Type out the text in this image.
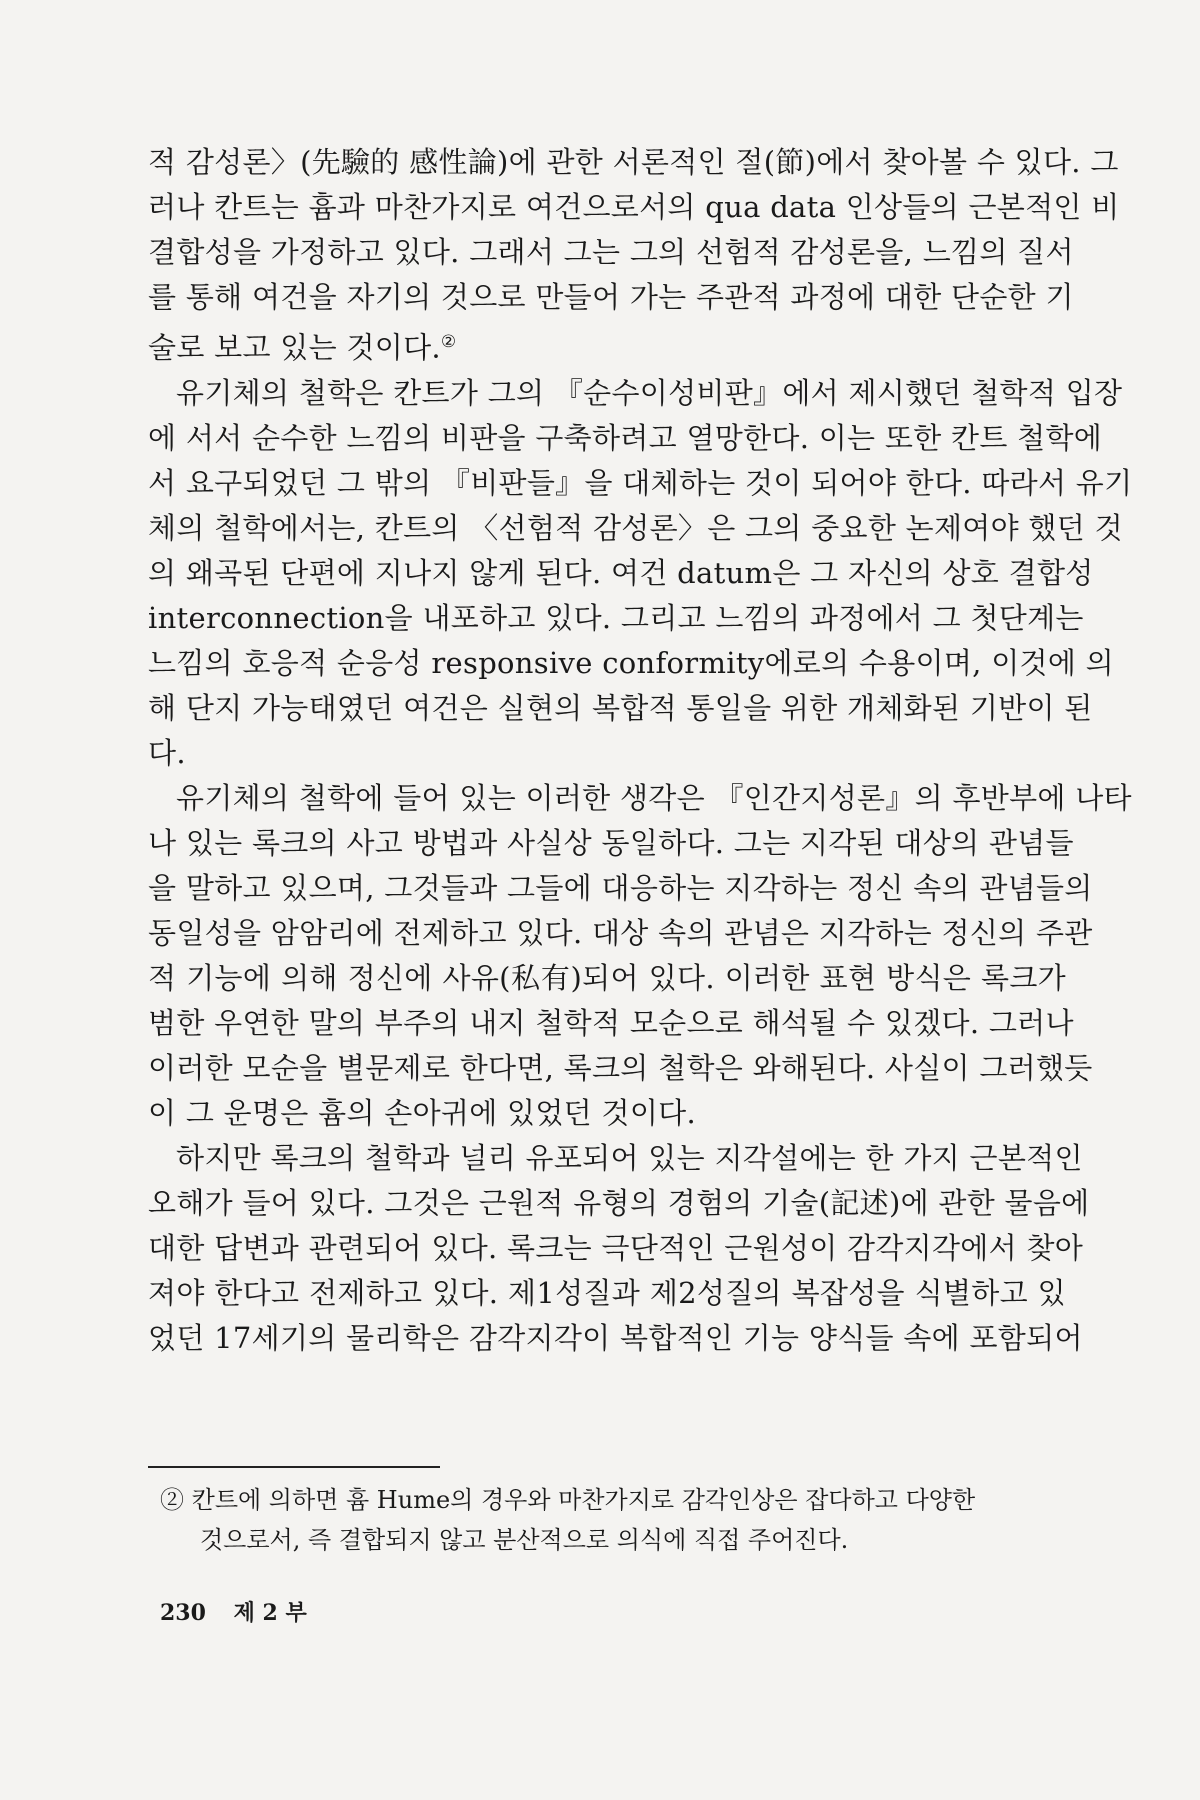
적 감성론〉(先驗的 感性論)에 관한 서론적인 절(節)에서 찾아볼 수 있다. 그
러나 칸트는 흄과 마찬가지로 여건으로서의 qua data 인상들의 근본적인 비
결합성을 가정하고 있다. 그래서 그는 그의 선험적 감성론을, 느낌의 질서
를 통해 여건을 자기의 것으로 만들어 가는 주관적 과정에 대한 단순한 기
술로 보고 있는 것이다.②

유기체의 철학은 칸트가 그의 『순수이성비판』에서 제시했던 철학적 입장
에 서서 순수한 느낌의 비판을 구축하려고 열망한다. 이는 또한 칸트 철학에
서 요구되었던 그 밖의 『비판들』을 대체하는 것이 되어야 한다. 따라서 유기
체의 철학에서는, 칸트의 〈선험적 감성론〉은 그의 중요한 논제여야 했던 것
의 왜곡된 단편에 지나지 않게 된다. 여건 datum은 그 자신의 상호 결합성
interconnection을 내포하고 있다. 그리고 느낌의 과정에서 그 첫단계는
느낌의 호응적 순응성 responsive conformity에로의 수용이며, 이것에 의
해 단지 가능태였던 여건은 실현의 복합적 통일을 위한 개체화된 기반이 된
다.

유기체의 철학에 들어 있는 이러한 생각은 『인간지성론』의 후반부에 나타
나 있는 록크의 사고 방법과 사실상 동일하다. 그는 지각된 대상의 관념들
을 말하고 있으며, 그것들과 그들에 대응하는 지각하는 정신 속의 관념들의
동일성을 암암리에 전제하고 있다. 대상 속의 관념은 지각하는 정신의 주관
적 기능에 의해 정신에 사유(私有)되어 있다. 이러한 표현 방식은 록크가
범한 우연한 말의 부주의 내지 철학적 모순으로 해석될 수 있겠다. 그러나
이러한 모순을 별문제로 한다면, 록크의 철학은 와해된다. 사실이 그러했듯
이 그 운명은 흄의 손아귀에 있었던 것이다.

하지만 록크의 철학과 널리 유포되어 있는 지각설에는 한 가지 근본적인
오해가 들어 있다. 그것은 근원적 유형의 경험의 기술(記述)에 관한 물음에
대한 답변과 관련되어 있다. 록크는 극단적인 근원성이 감각지각에서 찾아
져야 한다고 전제하고 있다. 제1성질과 제2성질의 복잡성을 식별하고 있
었던 17세기의 물리학은 감각지각이 복합적인 기능 양식들 속에 포함되어

② 칸트에 의하면 흄 Hume의 경우와 마찬가지로 감각인상은 잡다하고 다양한
것으로서, 즉 결합되지 않고 분산적으로 의식에 직접 주어진다.
230 제 2 부
